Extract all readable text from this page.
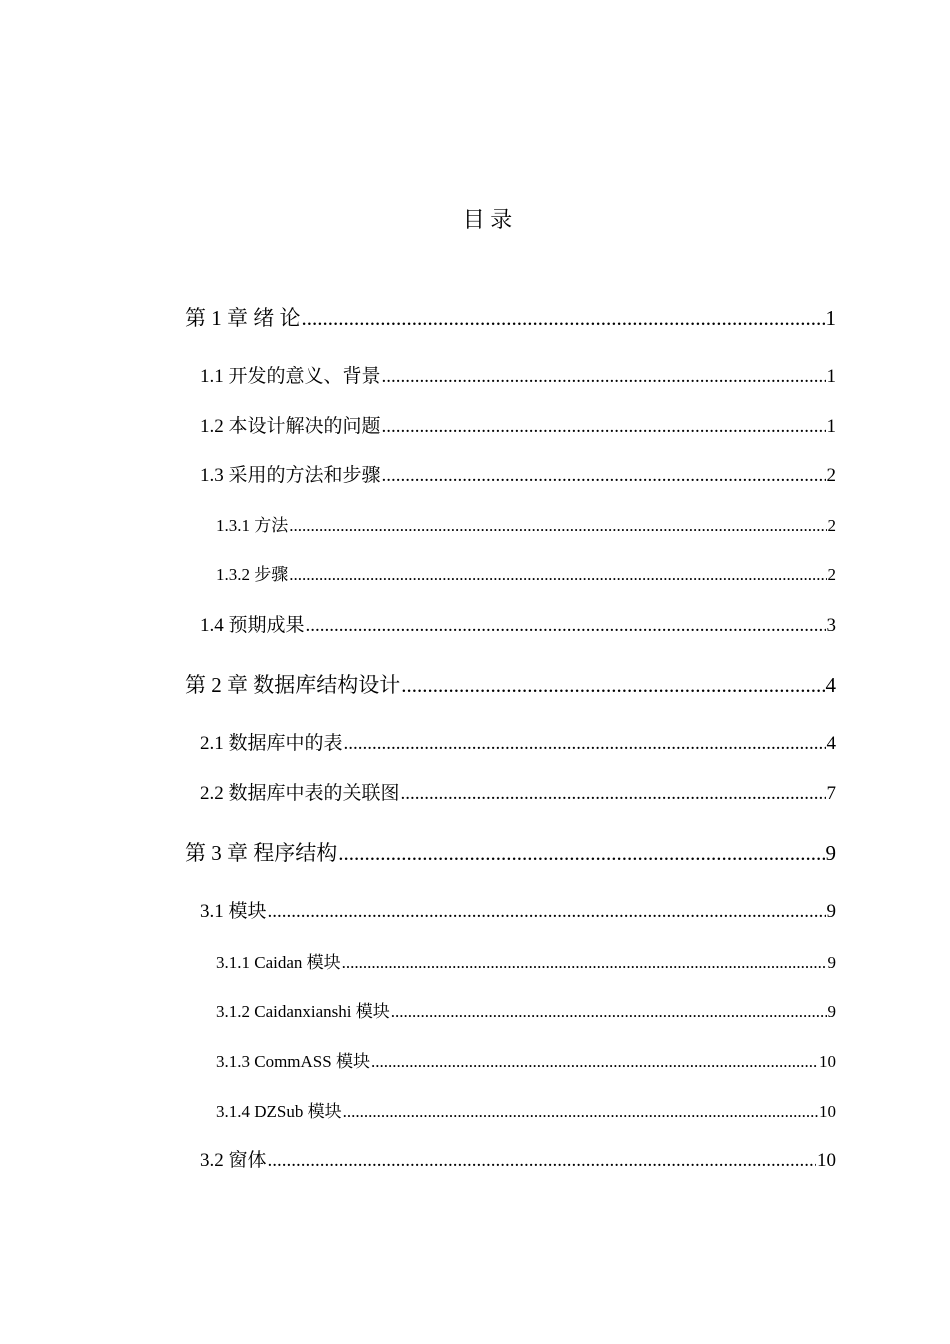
目 录
第 1 章 绪 论 .....	1
1.1 开发的意义、背景 .....	1
1.2 本设计解决的问题 .....	1
1.3 采用的方法和步骤 .....	2
1.3.1 方法 .....	2
1.3.2 步骤 .....	2
1.4 预期成果 .....	3
第 2 章 数据库结构设计 .....	4
2.1 数据库中的表 .....	4
2.2 数据库中表的关联图 .....	7
第 3 章 程序结构 .....	9
3.1 模块 .....	9
3.1.1 Caidan 模块 .....	9
3.1.2 Caidanxianshi 模块 .....	9
3.1.3 CommASS 模块 .....	10
3.1.4 DZSub 模块 .....	10
3.2 窗体 .....	10
